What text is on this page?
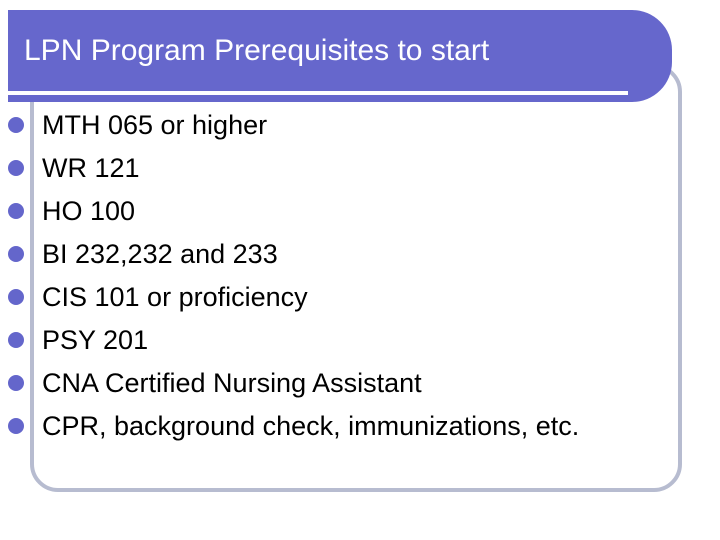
LPN Program Prerequisites to start
MTH 065 or higher
WR 121
HO 100
BI 232,232 and 233
CIS 101 or proficiency
PSY 201
CNA Certified Nursing Assistant
CPR, background check, immunizations, etc.
